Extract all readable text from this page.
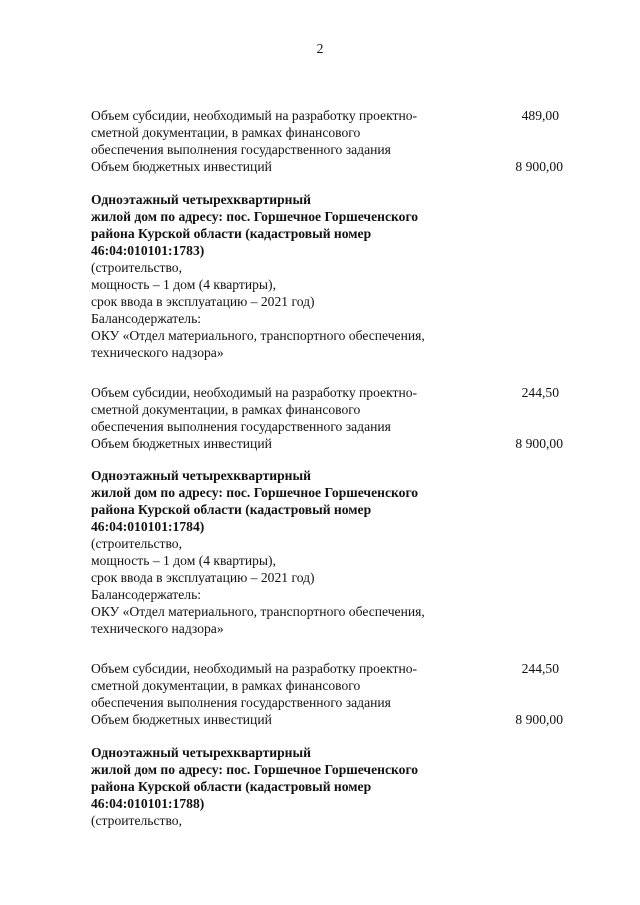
2
Объем субсидии, необходимый на разработку проектно-	489,00
сметной документации, в рамках финансового
обеспечения выполнения государственного задания
Объем бюджетных инвестиций	8 900,00
Одноэтажный четырехквартирный
жилой дом по адресу: пос. Горшечное Горшеченского
района Курской области (кадастровый номер
46:04:010101:1783)
(строительство,
мощность – 1 дом (4 квартиры),
срок ввода в эксплуатацию – 2021 год)
Балансодержатель:
ОКУ «Отдел материального, транспортного обеспечения,
технического надзора»
Объем субсидии, необходимый на разработку проектно-	244,50
сметной документации, в рамках финансового
обеспечения выполнения государственного задания
Объем бюджетных инвестиций	8 900,00
Одноэтажный четырехквартирный
жилой дом по адресу: пос. Горшечное Горшеченского
района Курской области (кадастровый номер
46:04:010101:1784)
(строительство,
мощность – 1 дом (4 квартиры),
срок ввода в эксплуатацию – 2021 год)
Балансодержатель:
ОКУ «Отдел материального, транспортного обеспечения,
технического надзора»
Объем субсидии, необходимый на разработку проектно-	244,50
сметной документации, в рамках финансового
обеспечения выполнения государственного задания
Объем бюджетных инвестиций	8 900,00
Одноэтажный четырехквартирный
жилой дом по адресу: пос. Горшечное Горшеченского
района Курской области (кадастровый номер
46:04:010101:1788)
(строительство,
